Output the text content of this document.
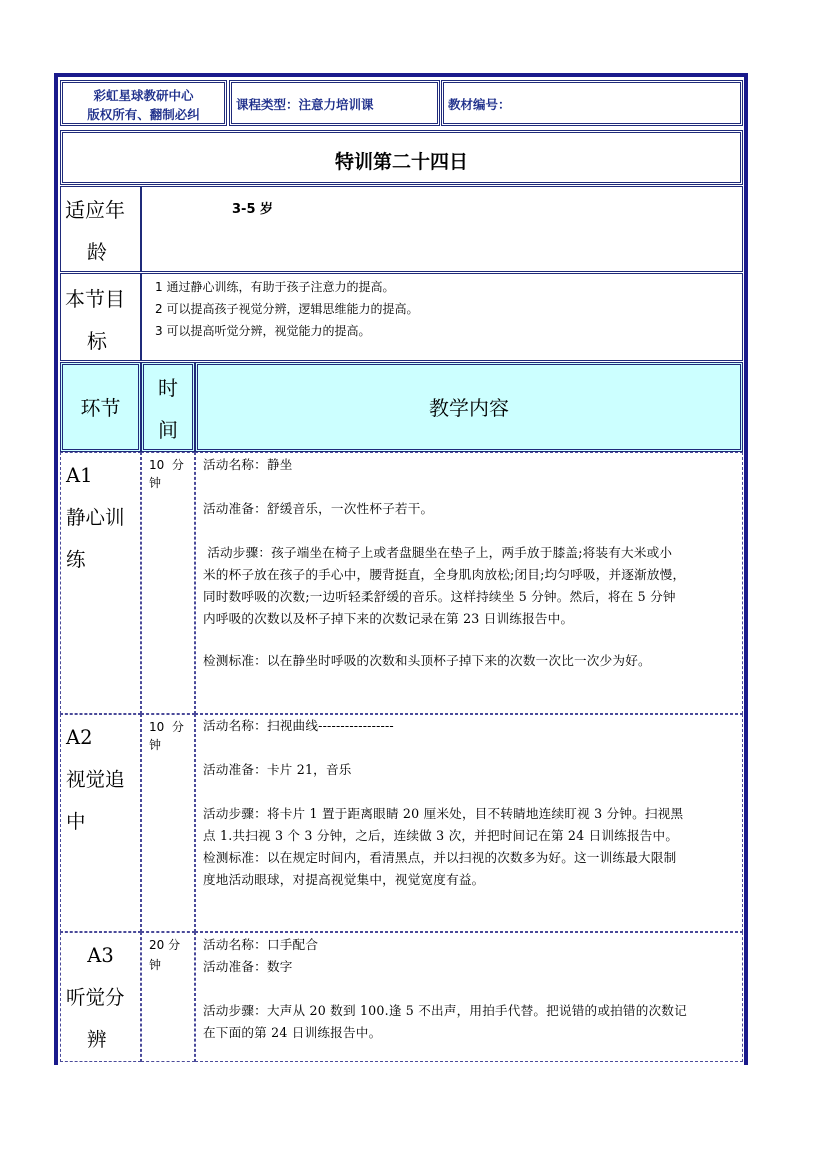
彩虹星球教研中心
版权所有、翻制必纠
课程类型：注意力培训课	教材编号：
特训第二十四日
适应年
龄
3-5 岁
本节目
标
1 通过静心训练，有助于孩子注意力的提高。
2 可以提高孩子视觉分辨，逻辑思维能力的提高。
3 可以提高听觉分辨，视觉能力的提高。
环节
时
间
教学内容
A1
静心训
练
10  分
钟
活动名称：静坐
活动准备：舒缓音乐，一次性杯子若干。
活动步骤：孩子端坐在椅子上或者盘腿坐在垫子上，两手放于膝盖;将装有大米或小
米的杯子放在孩子的手心中，腰背挺直，全身肌肉放松;闭目;均匀呼吸，并逐渐放慢，
同时数呼吸的次数;一边听轻柔舒缓的音乐。这样持续坐 5 分钟。然后，将在 5 分钟
内呼吸的次数以及杯子掉下来的次数记录在第 23 日训练报告中。
检测标准：以在静坐时呼吸的次数和头顶杯子掉下来的次数一次比一次少为好。
A2
视觉追
中
10  分
钟
活动名称：扫视曲线-----------------
活动准备：卡片 21，音乐
活动步骤：将卡片 1 置于距离眼睛 20 厘米处，目不转睛地连续盯视 3 分钟。扫视黑
点 1.共扫视 3 个 3 分钟，之后，连续做 3 次，并把时间记在第 24 日训练报告中。
检测标准：以在规定时间内，看清黑点，并以扫视的次数多为好。这一训练最大限制
度地活动眼球，对提高视觉集中，视觉宽度有益。
A3
听觉分
辨
20 分
钟
活动名称：口手配合
活动准备：数字
活动步骤：大声从 20 数到 100.逢 5 不出声，用拍手代替。把说错的或拍错的次数记
在下面的第 24 日训练报告中。
